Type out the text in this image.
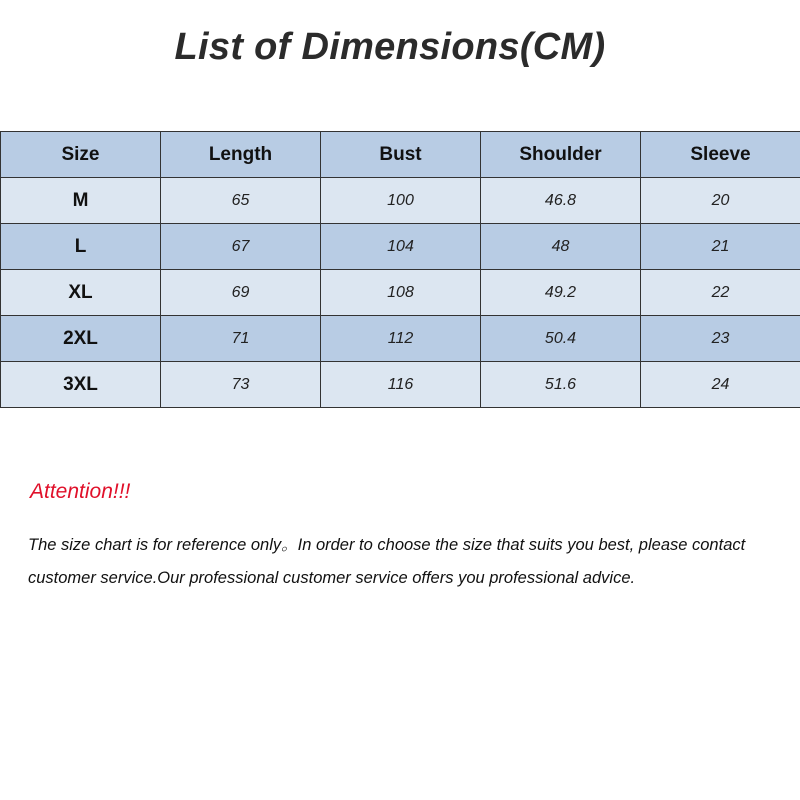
List of Dimensions(CM)
Size	Length	Bust	Shoulder	Sleeve
M	65	100	46.8	20
L	67	104	48	21
XL	69	108	49.2	22
2XL	71	112	50.4	23
3XL	73	116	51.6	24
Attention!!!
The size chart is for reference only。In order to choose the size that suits you best, please contact customer service.Our professional customer service offers you professional advice.
